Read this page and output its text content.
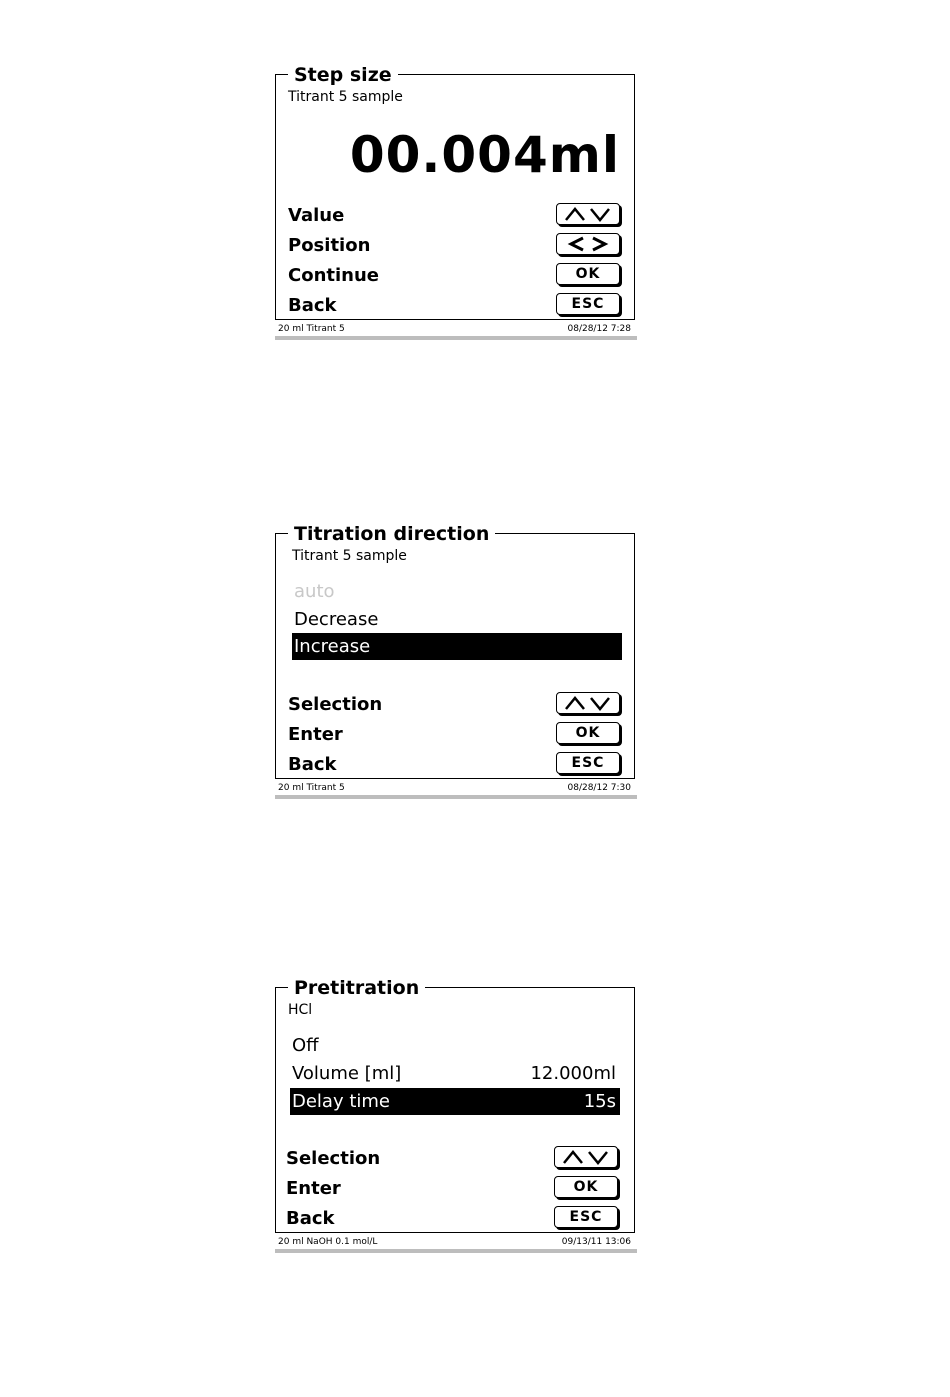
Step size
Titrant 5 sample
00.004ml
Value
Position
Continue	OK
Back	ESC
20 ml Titrant 5	08/28/12 7:28
Titration direction
Titrant 5 sample
auto
Decrease
Increase
Selection
Enter	OK
Back	ESC
20 ml Titrant 5	08/28/12 7:30
Pretitration
HCl
Off
Volume [ml]	12.000ml
Delay time	15s
Selection
Enter	OK
Back	ESC
20 ml NaOH 0.1 mol/L	09/13/11 13:06
